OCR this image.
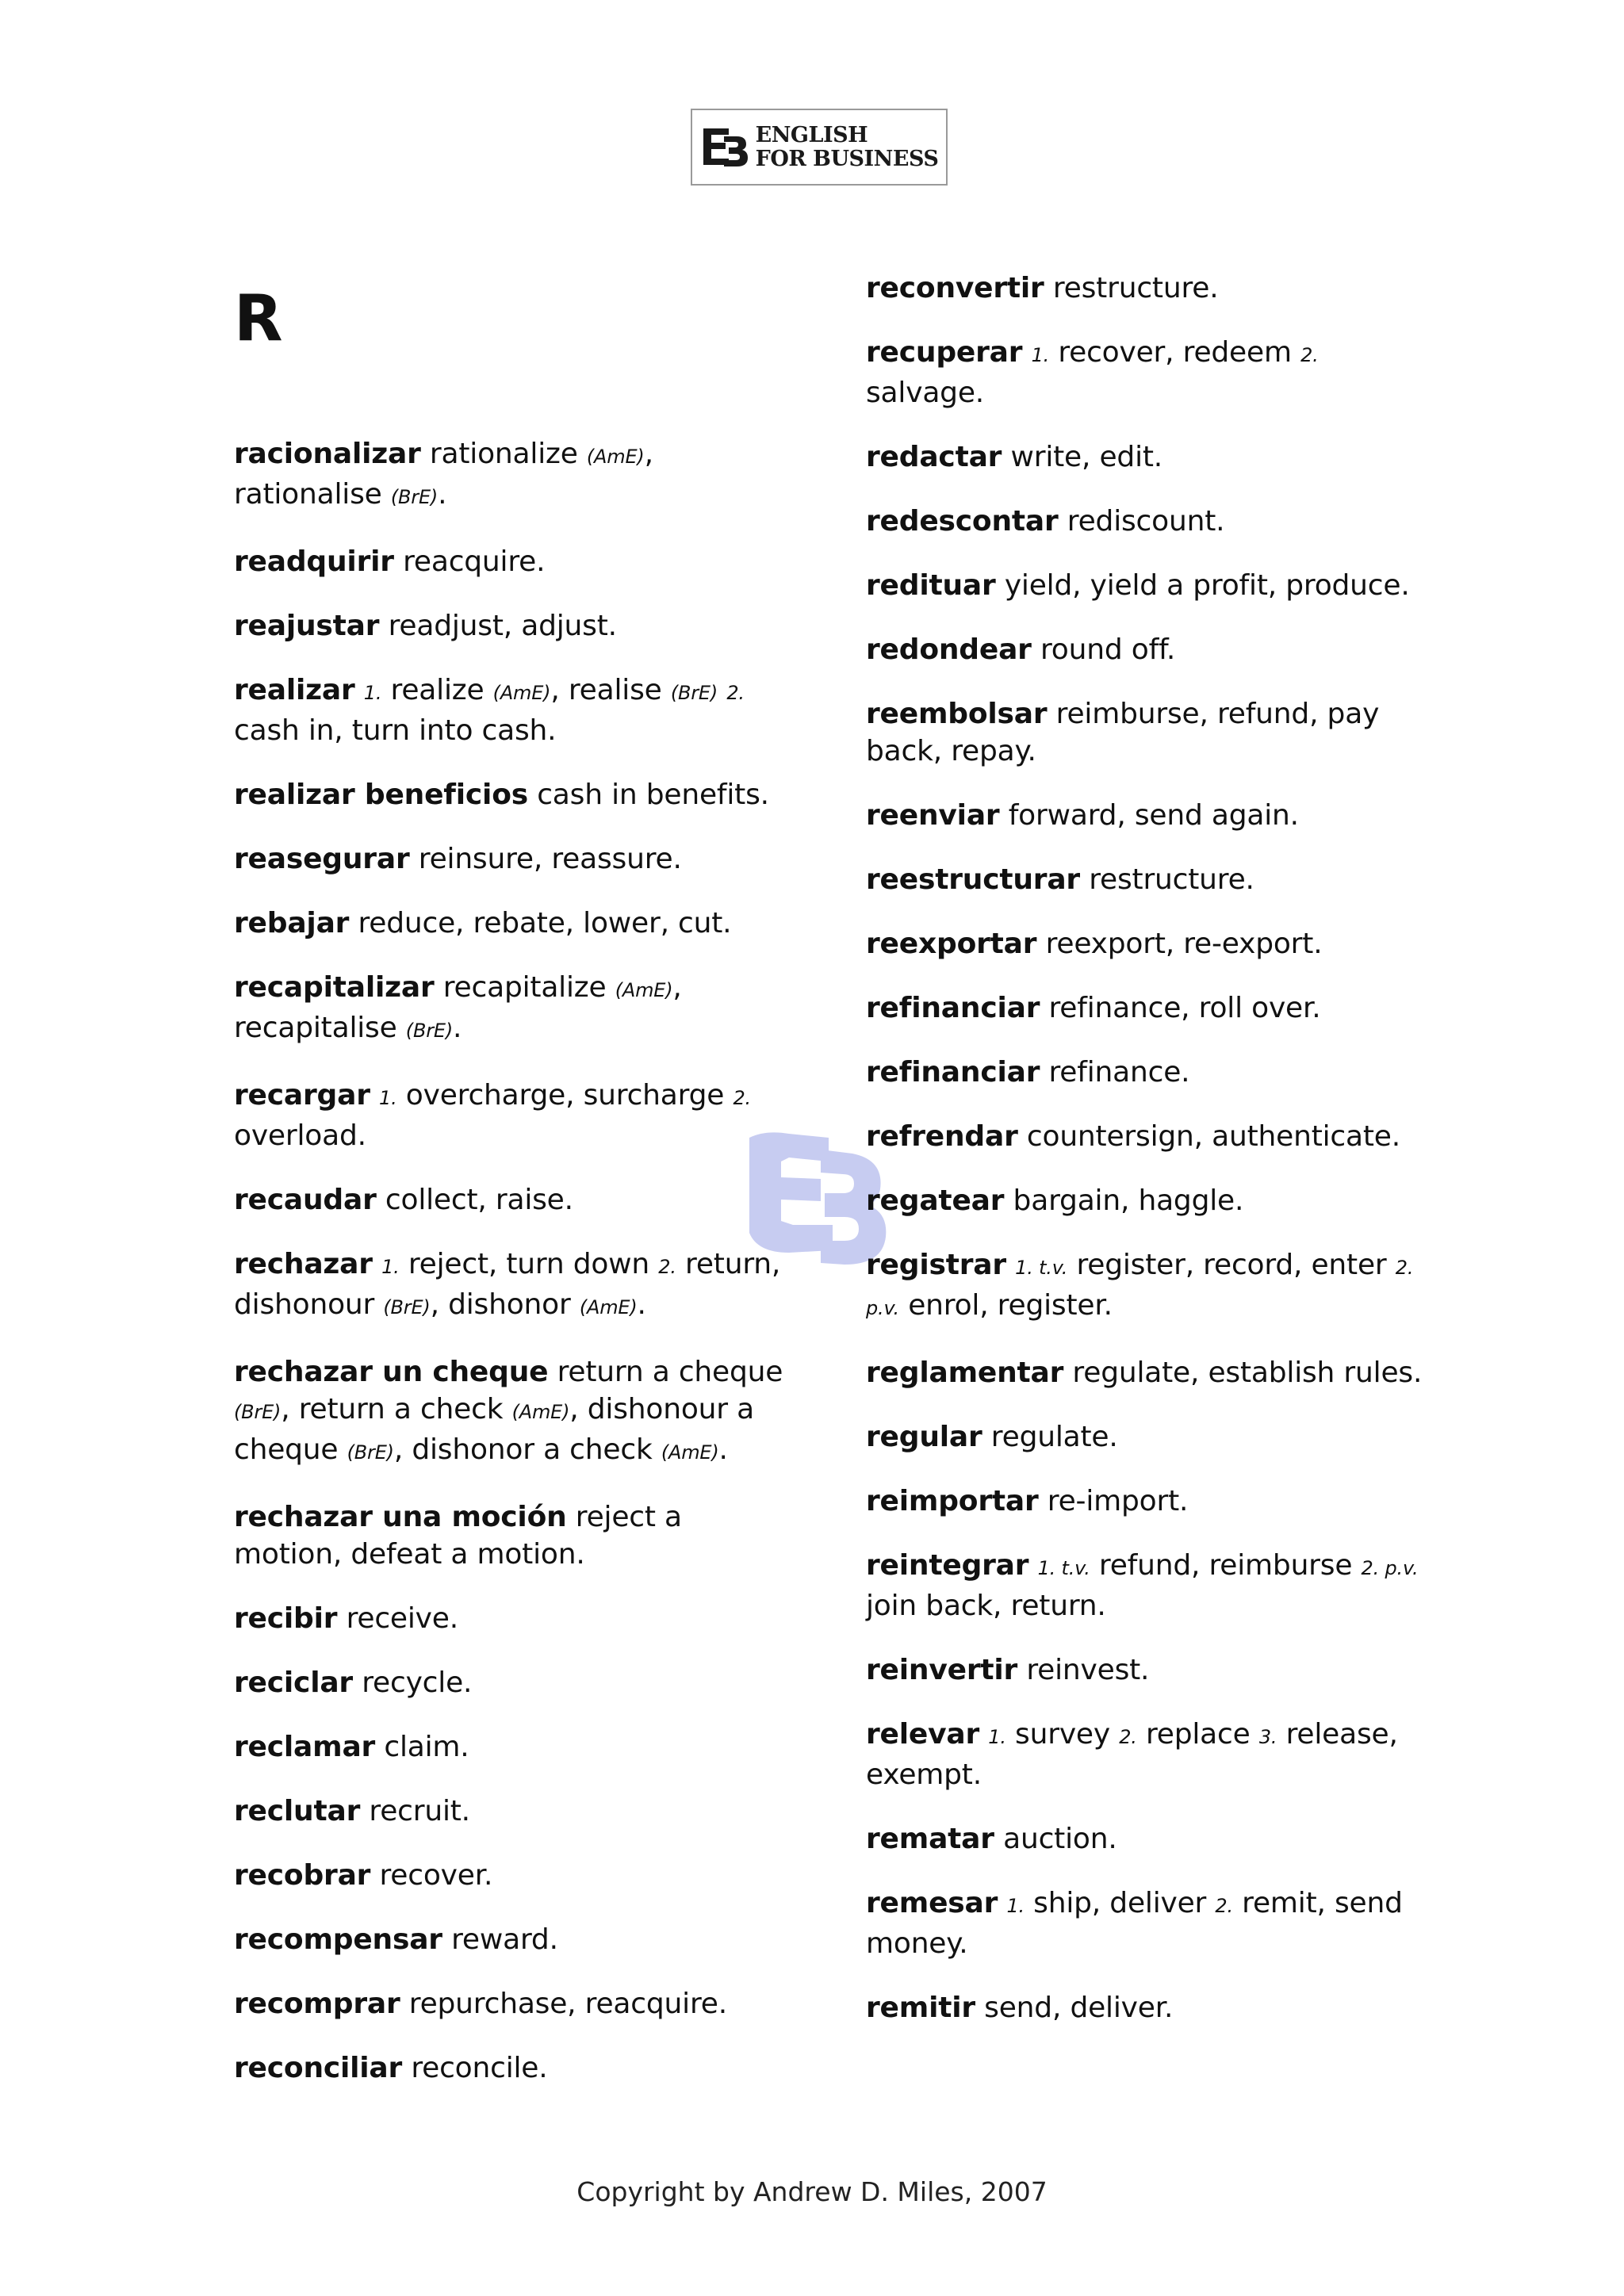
ENGLISH
FOR BUSINESS
R
racionalizar rationalize (AmE), rationalise (BrE).
readquirir reacquire.
reajustar readjust, adjust.
realizar 1. realize (AmE), realise (BrE) 2. cash in, turn into cash.
realizar beneficios cash in benefits.
reasegurar reinsure, reassure.
rebajar reduce, rebate, lower, cut.
recapitalizar recapitalize (AmE), recapitalise (BrE).
recargar 1. overcharge, surcharge 2. overload.
recaudar collect, raise.
rechazar 1. reject, turn down 2. return, dishonour (BrE), dishonor (AmE).
rechazar un cheque return a cheque (BrE), return a check (AmE), dishonour a cheque (BrE), dishonor a check (AmE).
rechazar una moción reject a motion, defeat a motion.
recibir receive.
reciclar recycle.
reclamar claim.
reclutar recruit.
recobrar recover.
recompensar reward.
recomprar repurchase, reacquire.
reconciliar reconcile.
reconvertir restructure.
recuperar 1. recover, redeem 2. salvage.
redactar write, edit.
redescontar rediscount.
redituar yield, yield a profit, produce.
redondear round off.
reembolsar reimburse, refund, pay back, repay.
reenviar forward, send again.
reestructurar restructure.
reexportar reexport, re-export.
refinanciar refinance, roll over.
refinanciar refinance.
refrendar countersign, authenticate.
regatear bargain, haggle.
registrar 1. t.v. register, record, enter 2. p.v. enrol, register.
reglamentar regulate, establish rules.
regular regulate.
reimportar re-import.
reintegrar 1. t.v. refund, reimburse 2. p.v. join back, return.
reinvertir reinvest.
relevar 1. survey 2. replace 3. release, exempt.
rematar auction.
remesar 1. ship, deliver 2. remit, send money.
remitir send, deliver.
Copyright by Andrew D. Miles, 2007
